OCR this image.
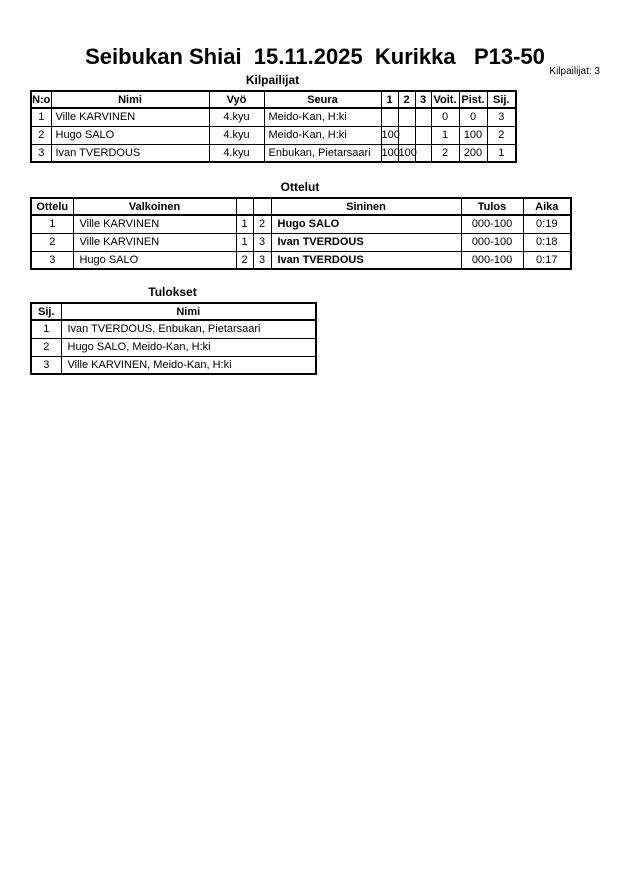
Seibukan Shiai  15.11.2025  Kurikka   P13-50
Kilpailijat: 3
Kilpailijat
N:o	Nimi	Vyö	Seura	1	2	3	Voit.	Pist.	Sij.
1	Ville KARVINEN	4.kyu	Meido-Kan, H:ki				0	0	3
2	Hugo SALO	4.kyu	Meido-Kan, H:ki	100			1	100	2
3	Ivan TVERDOUS	4.kyu	Enbukan, Pietarsaari	100	100		2	200	1
Ottelut
Ottelu	Valkoinen			Sininen	Tulos	Aika
1	Ville KARVINEN	1	2	Hugo SALO	000-100	0:19
2	Ville KARVINEN	1	3	Ivan TVERDOUS	000-100	0:18
3	Hugo SALO	2	3	Ivan TVERDOUS	000-100	0:17
Tulokset
Sij.	Nimi
1	Ivan TVERDOUS, Enbukan, Pietarsaari
2	Hugo SALO, Meido-Kan, H:ki
3	Ville KARVINEN, Meido-Kan, H:ki
